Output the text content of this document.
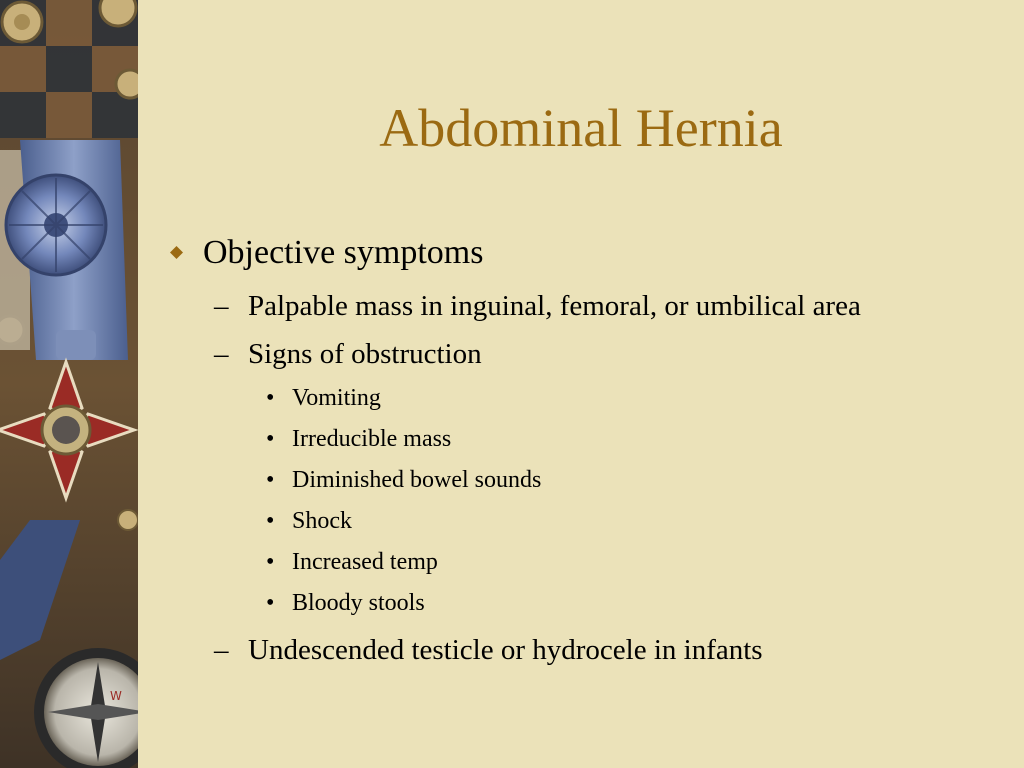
W
Abdominal Hernia
Objective symptoms
– Palpable mass in inguinal, femoral, or umbilical area
– Signs of obstruction
• Vomiting
• Irreducible mass
• Diminished bowel sounds
• Shock
• Increased temp
• Bloody stools
– Undescended testicle or hydrocele in infants
